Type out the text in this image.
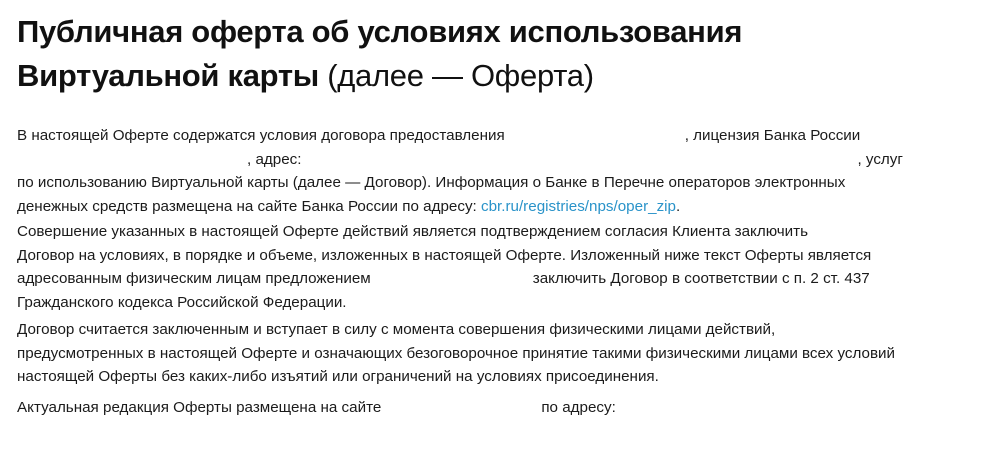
Публичная оферта об условиях использования
Виртуальной карты (далее — Оферта)
В настоящей Оферте содержатся условия договора предоставления	, лицензия Банка России
, адрес:	, услуг
по использованию Виртуальной карты (далее — Договор). Информация о Банке в Перечне операторов электронных
денежных средств размещена на сайте Банка России по адресу: cbr.ru/registries/nps/oper_zip.
Совершение указанных в настоящей Оферте действий является подтверждением согласия Клиента заключить
Договор на условиях, в порядке и объеме, изложенных в настоящей Оферте. Изложенный ниже текст Оферты является
адресованным физическим лицам предложением	заключить Договор в соответствии с п. 2 ст. 437
Гражданского кодекса Российской Федерации.
Договор считается заключенным и вступает в силу с момента совершения физическими лицами действий,
предусмотренных в настоящей Оферте и означающих безоговорочное принятие такими физическими лицами всех условий
настоящей Оферты без каких-либо изъятий или ограничений на условиях присоединения.
Актуальная редакция Оферты размещена на сайте	по адресу:
